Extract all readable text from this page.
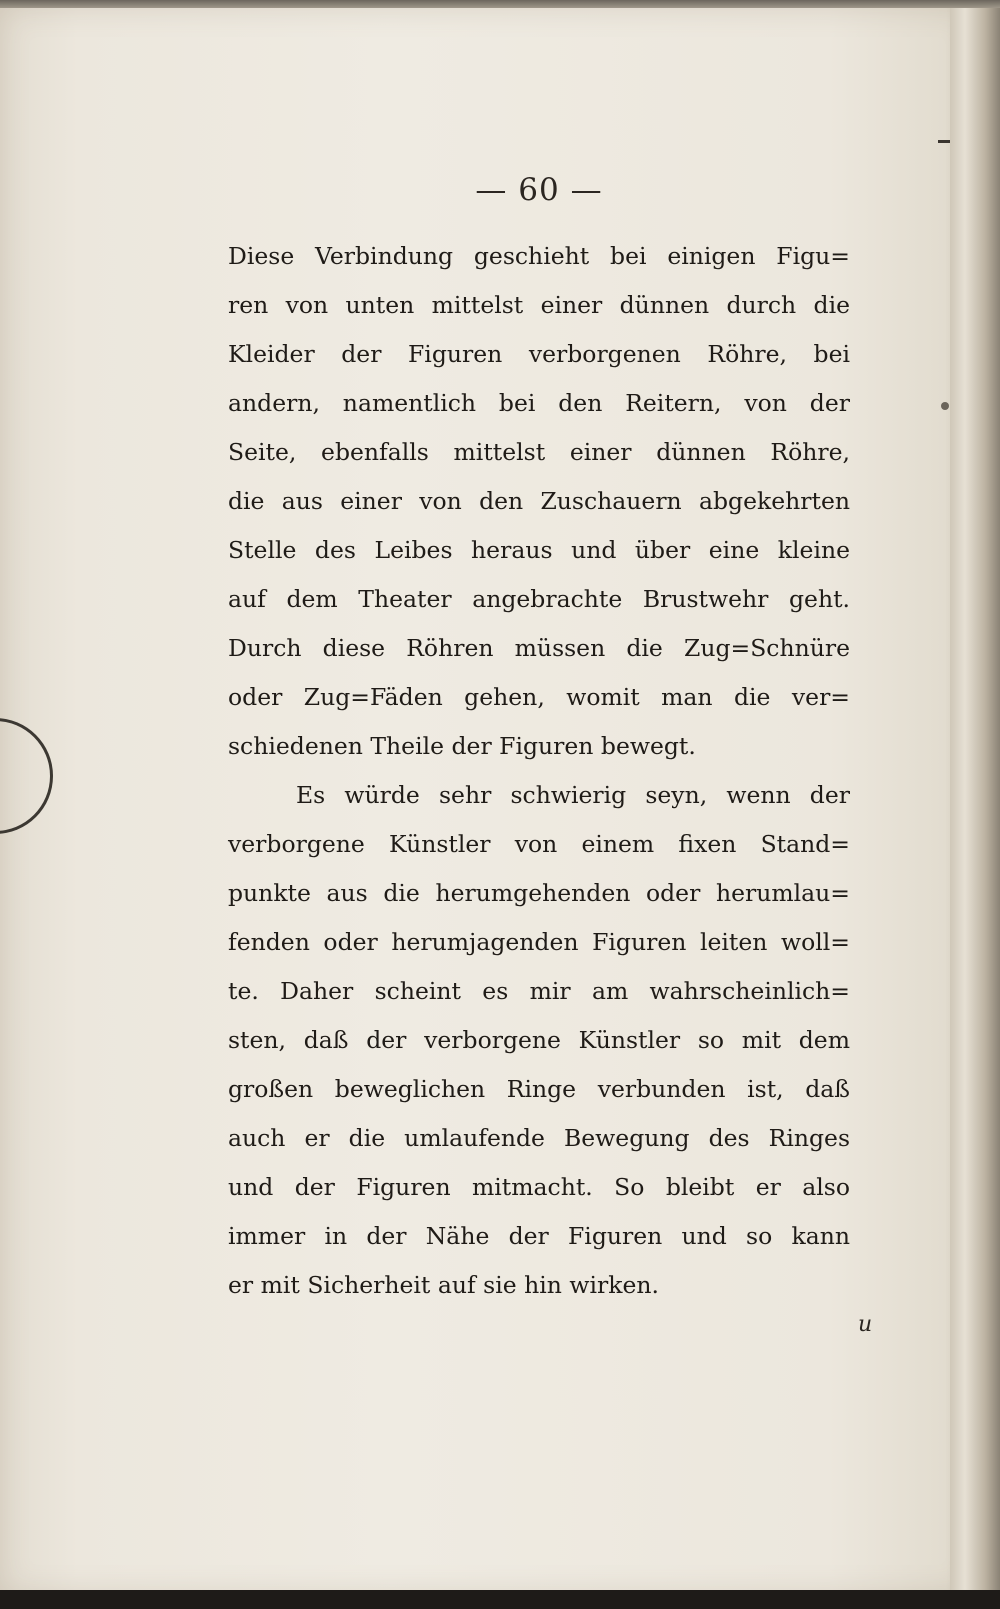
— 60 —
Diese Verbindung geschieht bei einigen Figu=
ren von unten mittelst einer dünnen durch die
Kleider der Figuren verborgenen Röhre, bei
andern, namentlich bei den Reitern, von der
Seite, ebenfalls mittelst einer dünnen Röhre,
die aus einer von den Zuschauern abgekehrten
Stelle des Leibes heraus und über eine kleine
auf dem Theater angebrachte Brustwehr geht.
Durch diese Röhren müssen die Zug=Schnüre
oder Zug=Fäden gehen, womit man die ver=
schiedenen Theile der Figuren bewegt.
Es würde sehr schwierig seyn, wenn der
verborgene Künstler von einem fixen Stand=
punkte aus die herumgehenden oder herumlau=
fenden oder herumjagenden Figuren leiten woll=
te. Daher scheint es mir am wahrscheinlich=
sten, daß der verborgene Künstler so mit dem
großen beweglichen Ringe verbunden ist, daß
auch er die umlaufende Bewegung des Ringes
und der Figuren mitmacht. So bleibt er also
immer in der Nähe der Figuren und so kann
er mit Sicherheit auf sie hin wirken.
u
